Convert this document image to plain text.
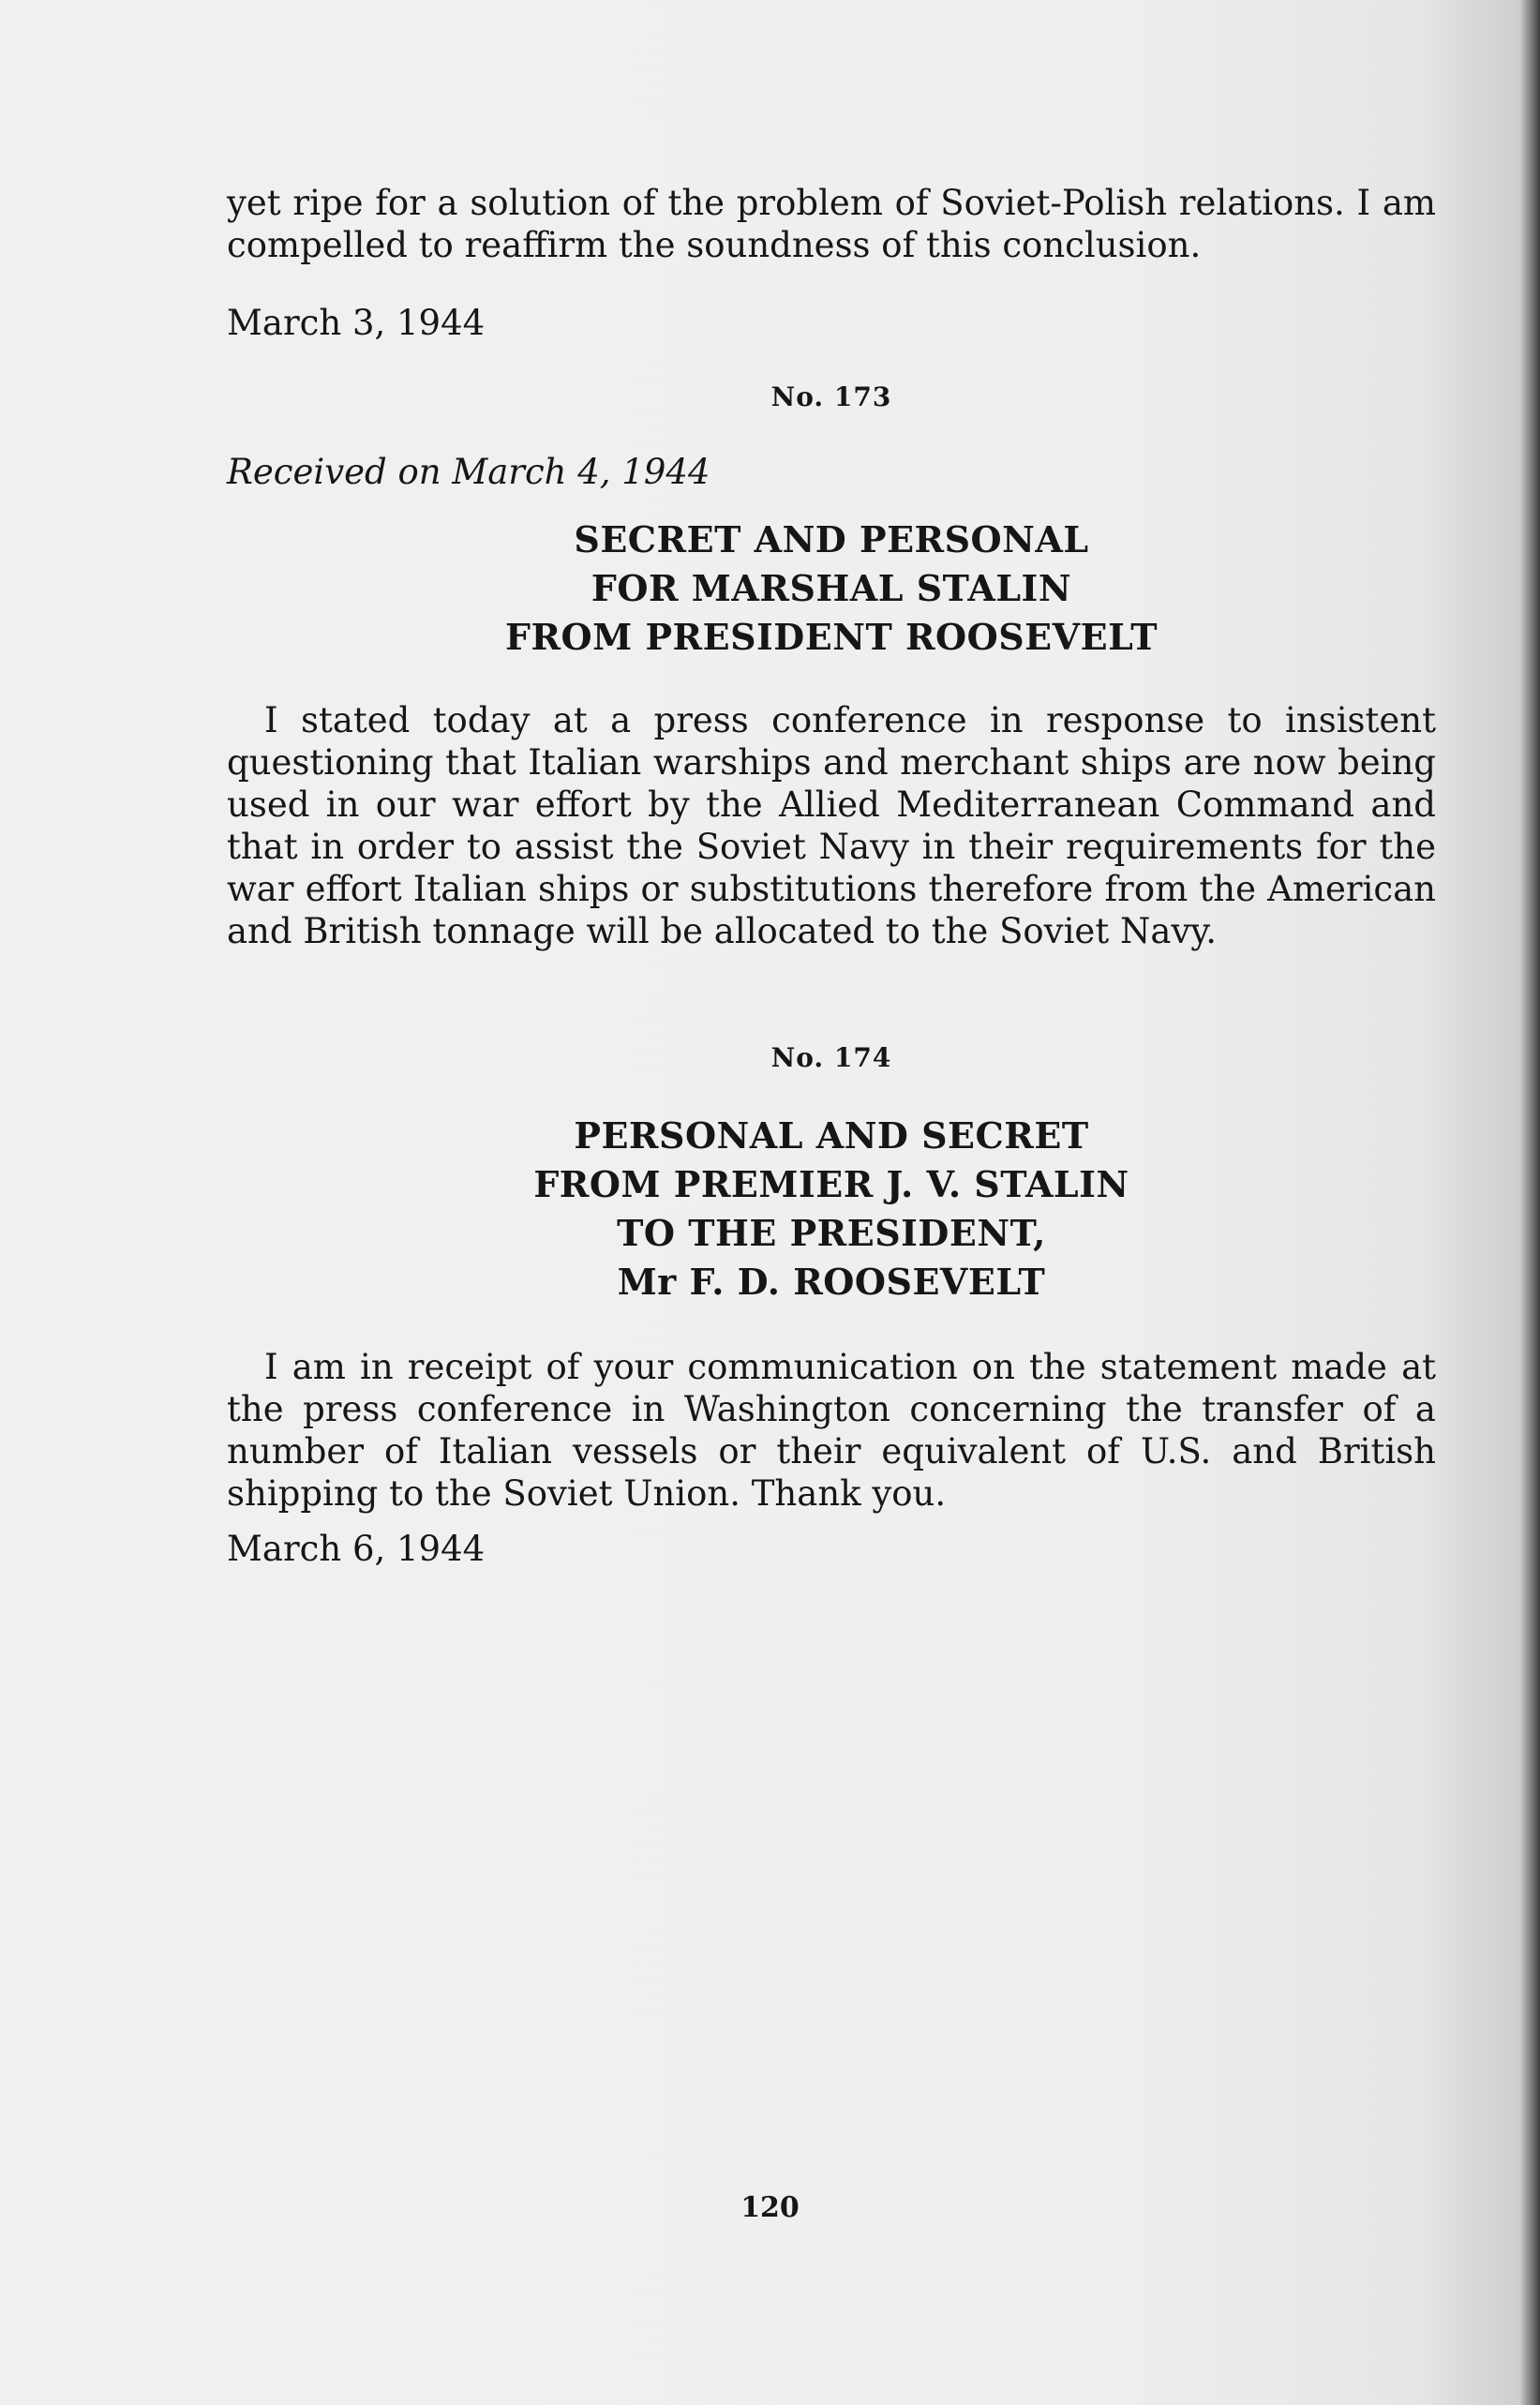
yet ripe for a solution of the problem of Soviet-Polish relations. I am compelled to reaffirm the soundness of this conclusion.

March 3, 1944

No. 173

Received on March 4, 1944

SECRET AND PERSONAL
FOR MARSHAL STALIN
FROM PRESIDENT ROOSEVELT

I stated today at a press conference in response to insistent questioning that Italian warships and merchant ships are now being used in our war effort by the Allied Mediterranean Command and that in order to assist the Soviet Navy in their requirements for the war effort Italian ships or substitutions therefore from the American and British tonnage will be allocated to the Soviet Navy.

No. 174

PERSONAL AND SECRET
FROM PREMIER J. V. STALIN
TO THE PRESIDENT,
Mr F. D. ROOSEVELT

I am in receipt of your communication on the statement made at the press conference in Washington concerning the transfer of a number of Italian vessels or their equivalent of U.S. and British shipping to the Soviet Union. Thank you.

March 6, 1944

120
